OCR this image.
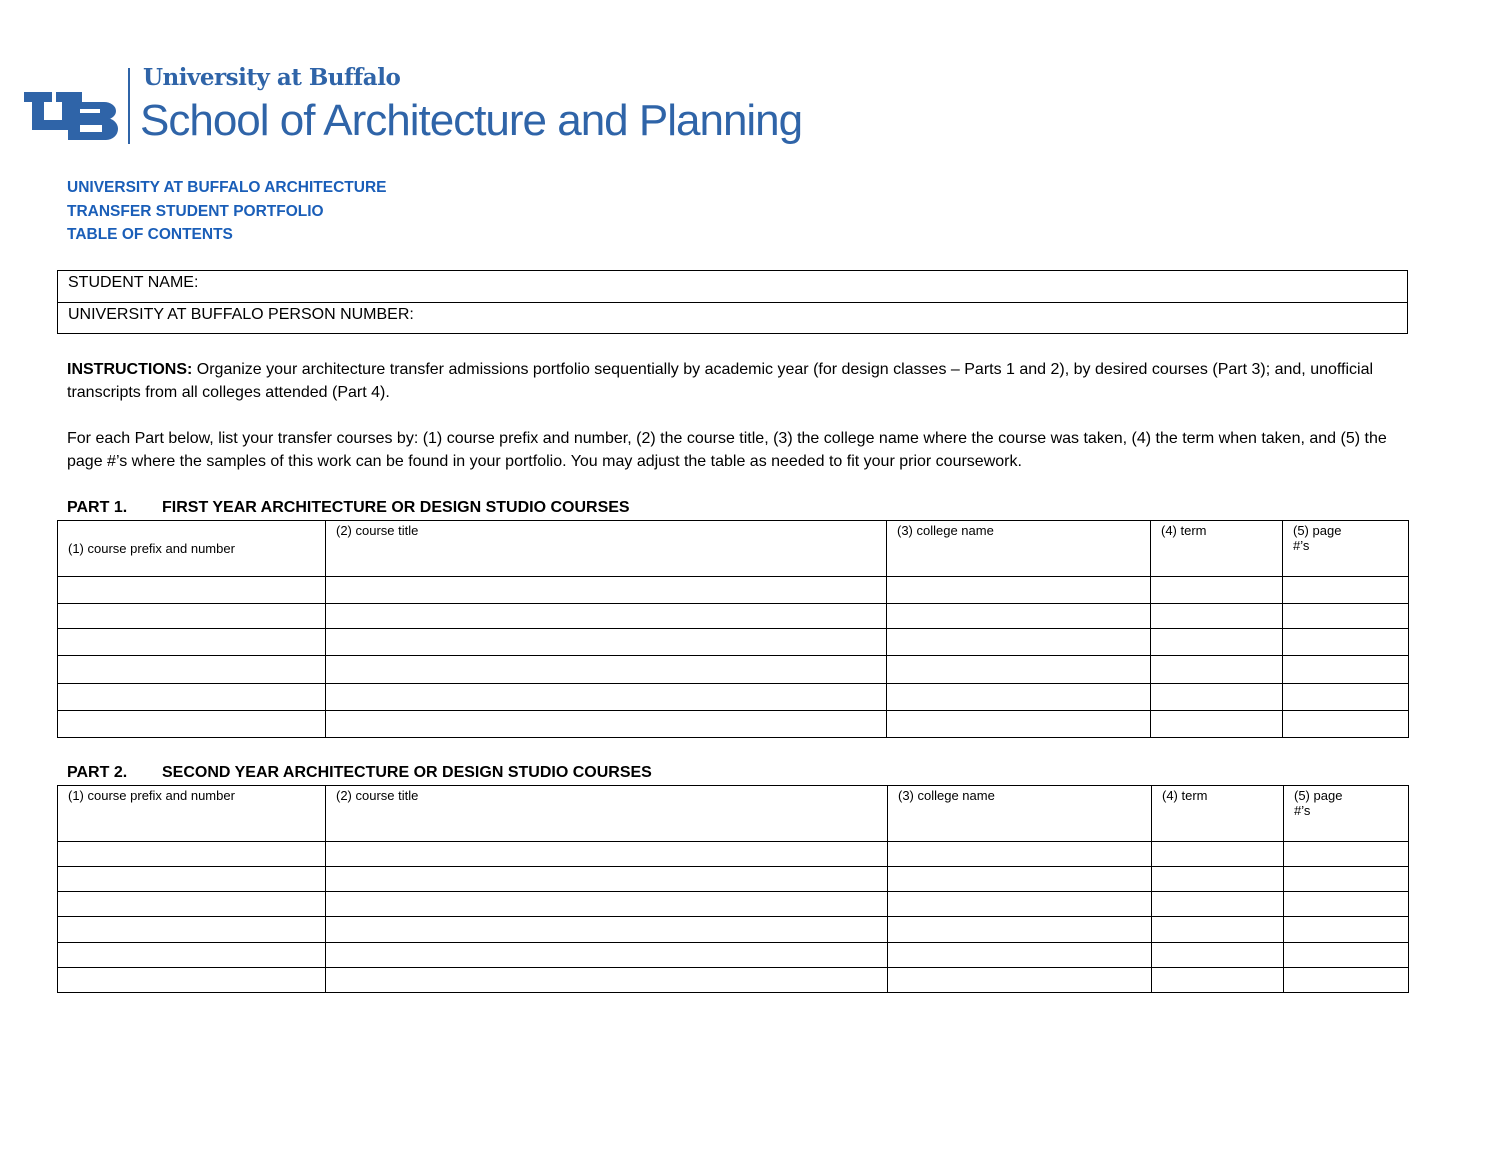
University at Buffalo
School of Architecture and Planning
UNIVERSITY AT BUFFALO ARCHITECTURE
TRANSFER STUDENT PORTFOLIO
TABLE OF CONTENTS
STUDENT NAME:
UNIVERSITY AT BUFFALO PERSON NUMBER:
INSTRUCTIONS: Organize your architecture transfer admissions portfolio sequentially by academic year (for design classes – Parts 1 and 2), by desired courses (Part 3); and, unofficial transcripts from all colleges attended (Part 4).
For each Part below, list your transfer courses by: (1) course prefix and number, (2) the course title, (3) the college name where the course was taken, (4) the term when taken, and (5) the page #’s where the samples of this work can be found in your portfolio. You may adjust the table as needed to fit your prior coursework.
PART 1. FIRST YEAR ARCHITECTURE OR DESIGN STUDIO COURSES
(1) course prefix and number	(2) course title	(3) college name	(4) term	(5) page #’s

PART 2. SECOND YEAR ARCHITECTURE OR DESIGN STUDIO COURSES
(1) course prefix and number	(2) course title	(3) college name	(4) term	(5) page #’s
